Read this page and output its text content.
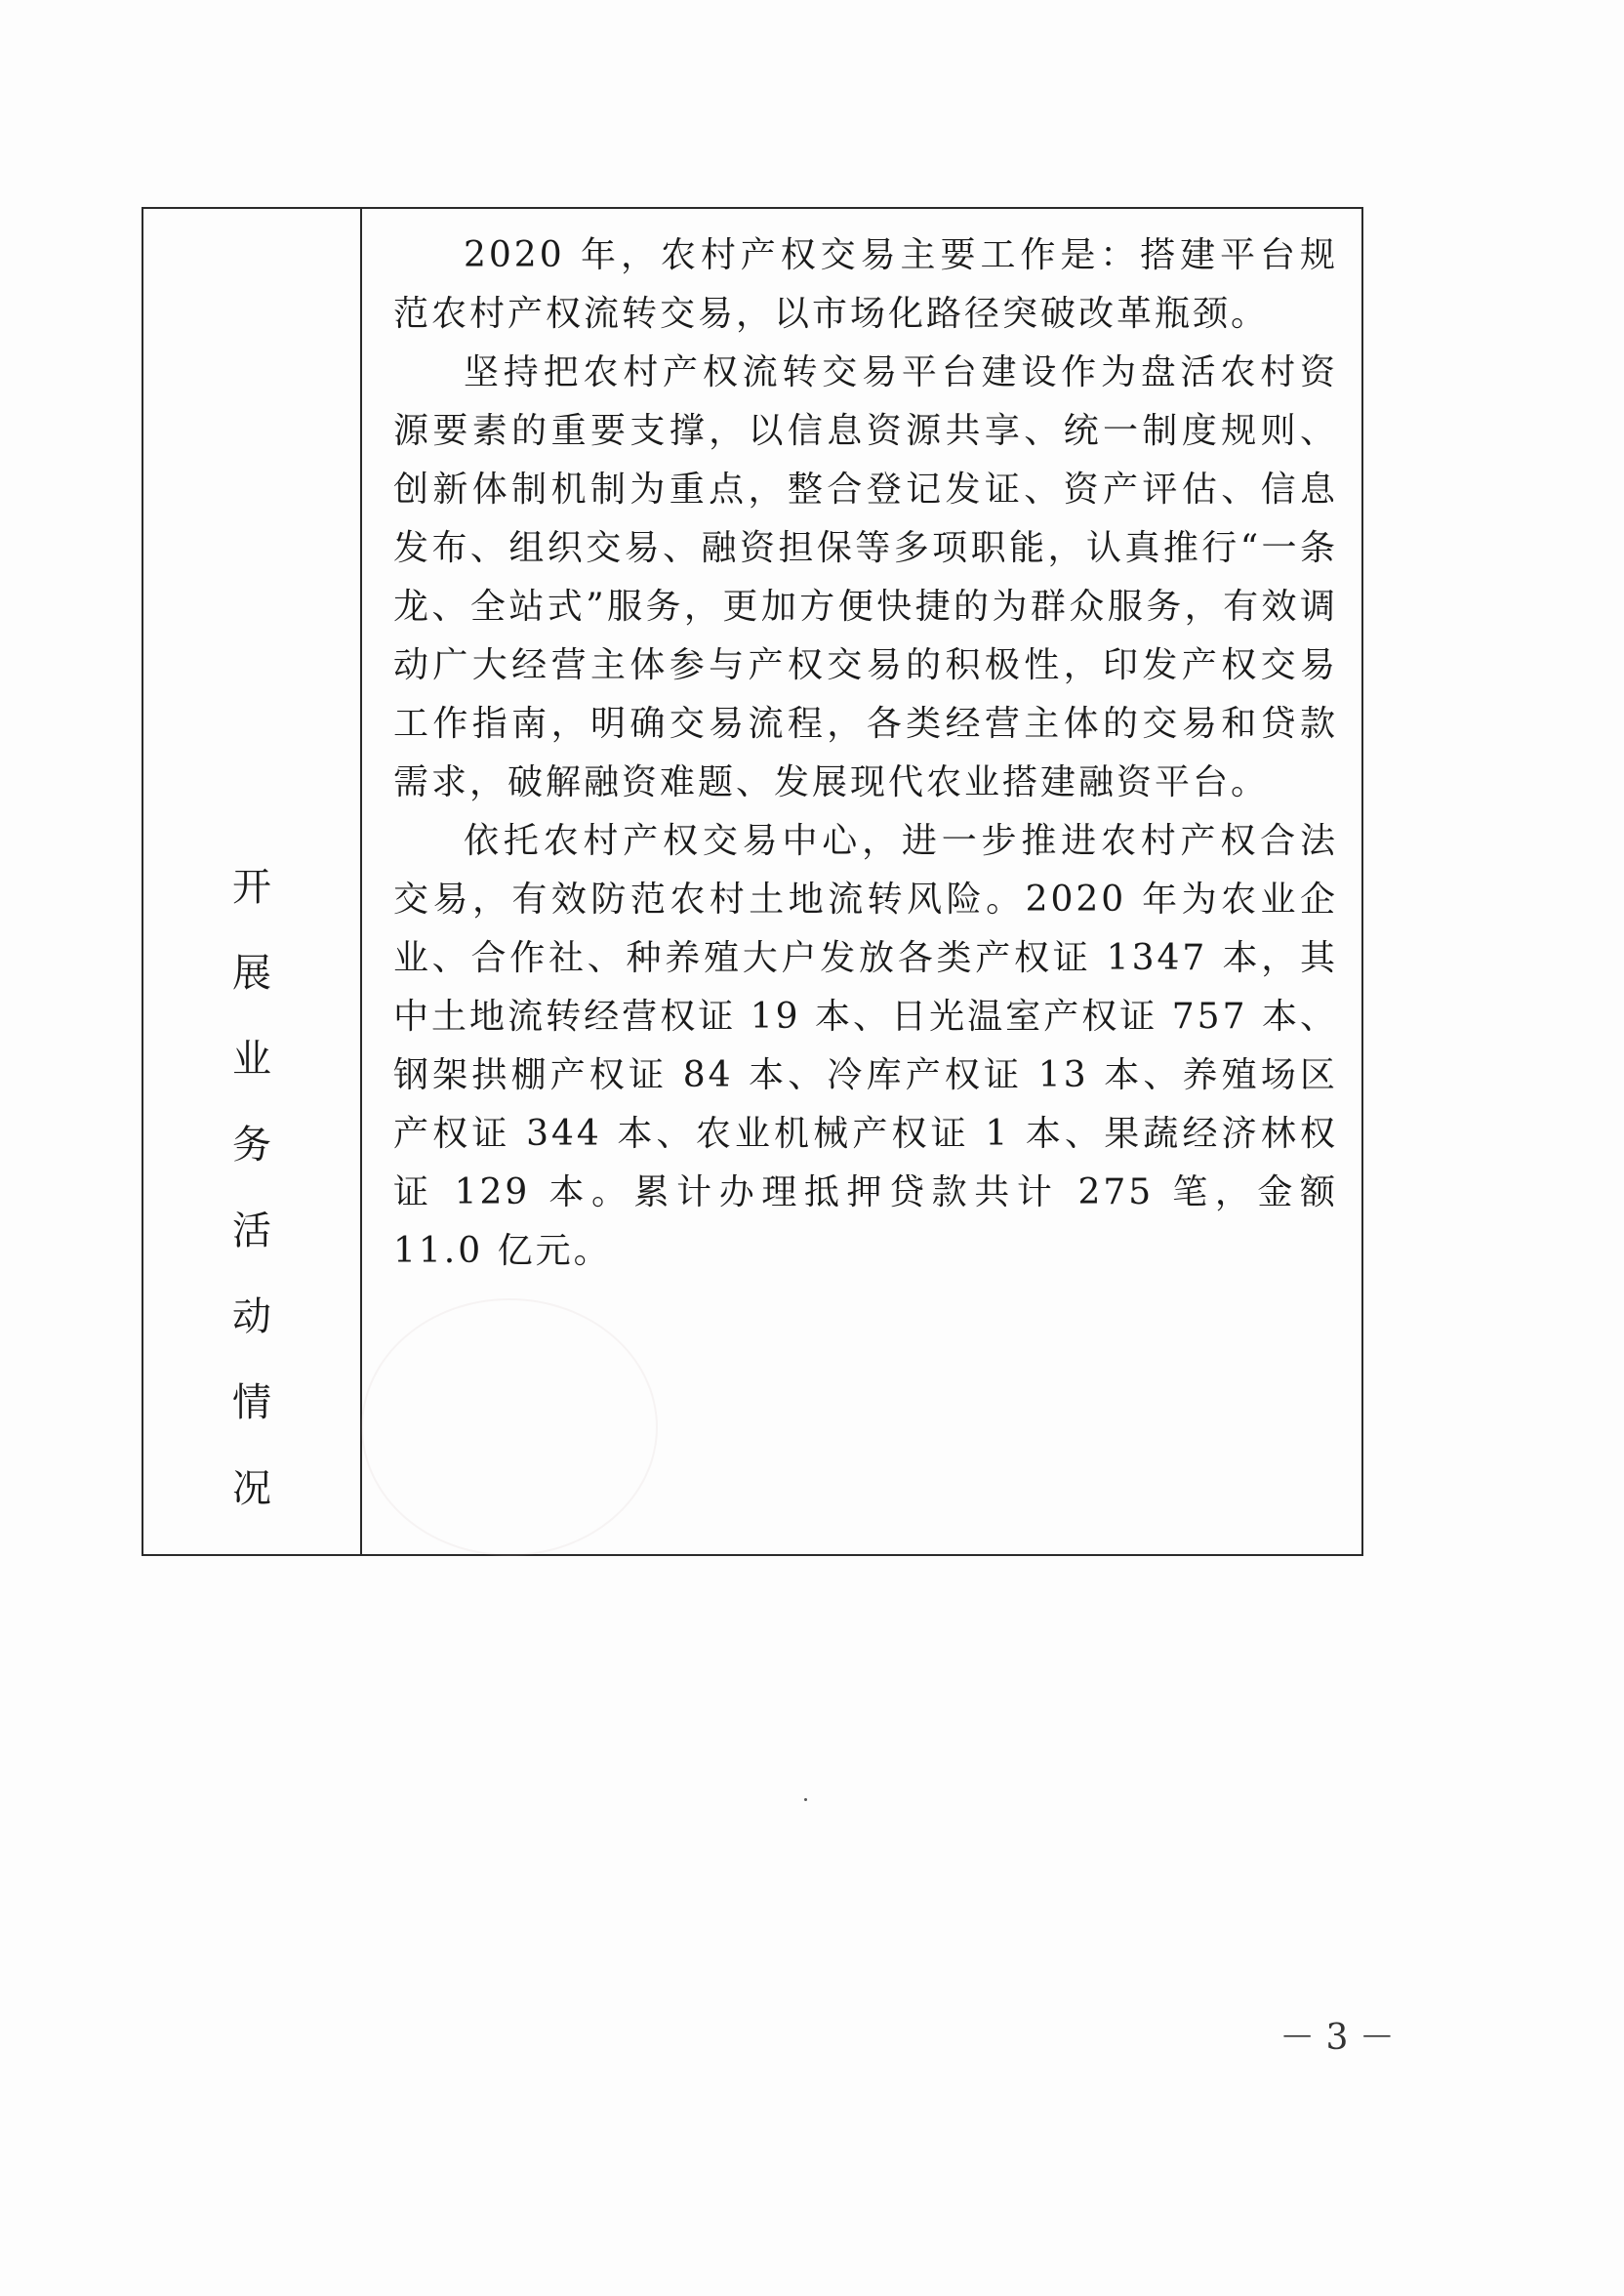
开
展
业
务
活
动
情
况

2020 年，农村产权交易主要工作是：搭建平台规范农村产权流转交易，以市场化路径突破改革瓶颈。

坚持把农村产权流转交易平台建设作为盘活农村资源要素的重要支撑，以信息资源共享、统一制度规则、创新体制机制为重点，整合登记发证、资产评估、信息发布、组织交易、融资担保等多项职能，认真推行“一条龙、全站式”服务，更加方便快捷的为群众服务，有效调动广大经营主体参与产权交易的积极性，印发产权交易工作指南，明确交易流程，各类经营主体的交易和贷款需求，破解融资难题、发展现代农业搭建融资平台。

依托农村产权交易中心，进一步推进农村产权合法交易，有效防范农村土地流转风险。2020 年为农业企业、合作社、种养殖大户发放各类产权证 1347 本，其中土地流转经营权证 19 本、日光温室产权证 757 本、钢架拱棚产权证 84 本、冷库产权证 13 本、养殖场区产权证 344 本、农业机械产权证 1 本、果蔬经济林权证 129 本。累计办理抵押贷款共计 275 笔，金额 11.0 亿元。

－ 3 －
